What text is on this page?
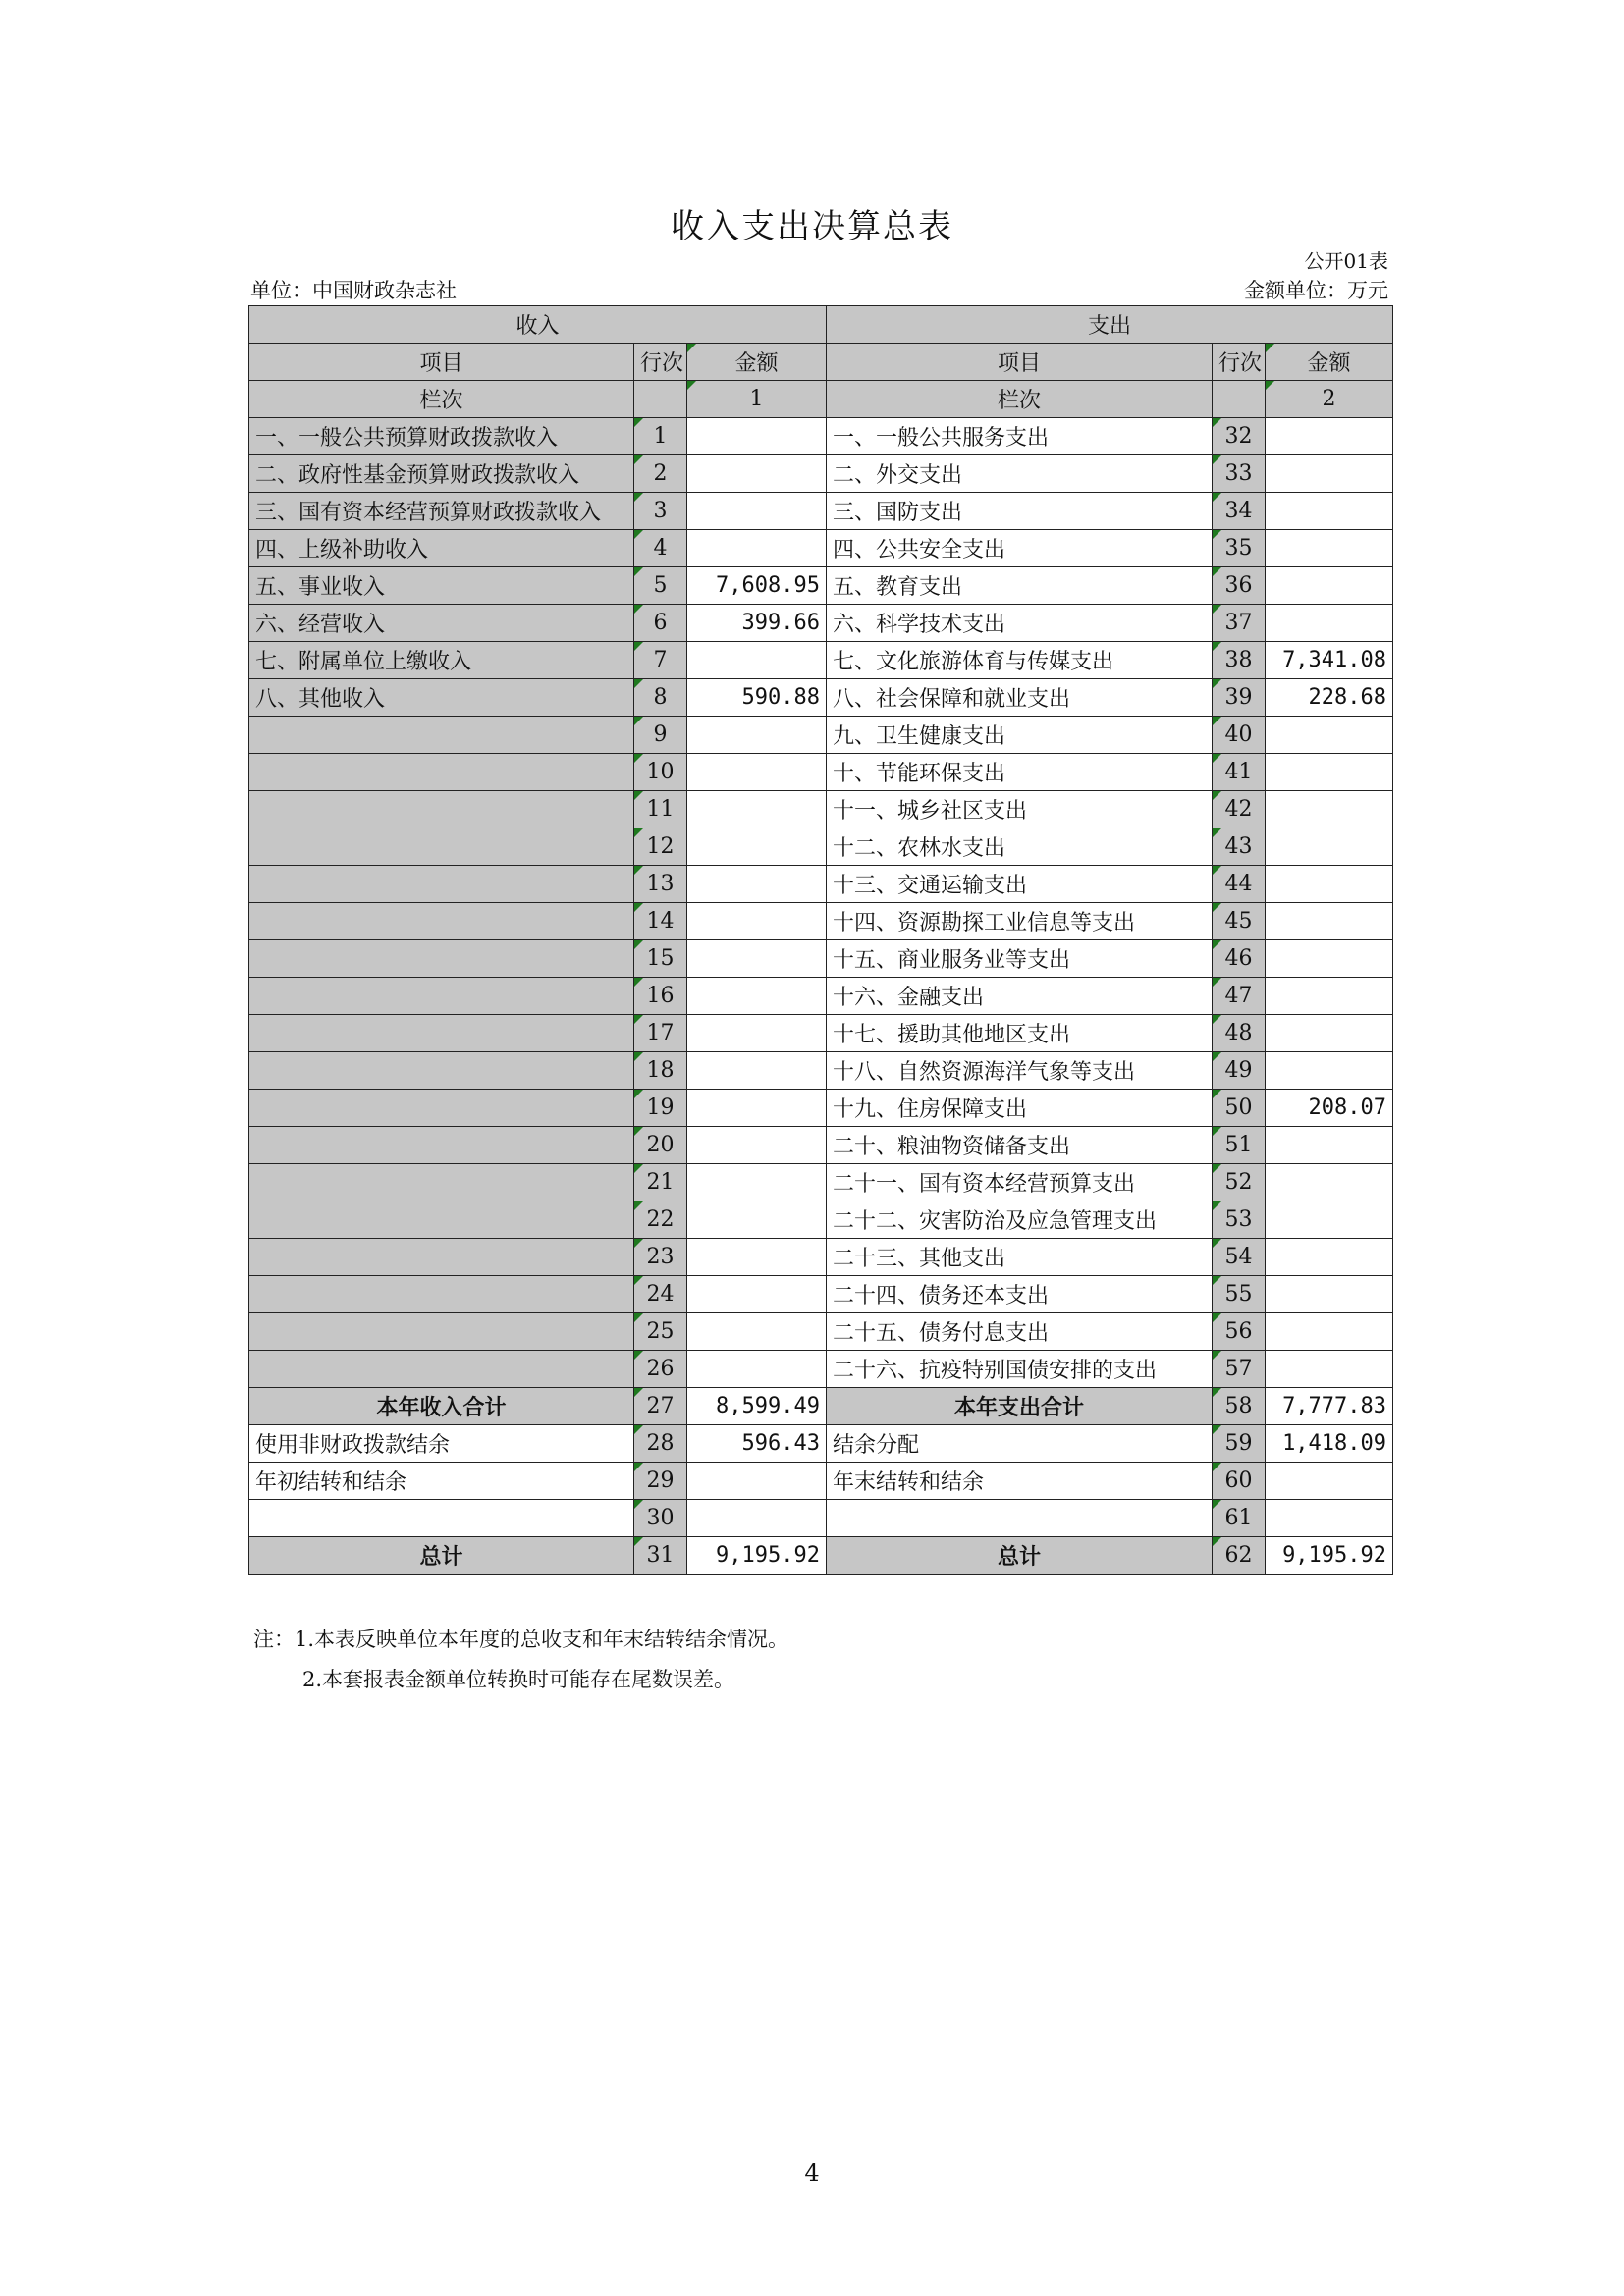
收入支出决算总表
公开01表
单位：中国财政杂志社	金额单位：万元
收入			支出		
项目	行次	金额	项目	行次	金额
栏次		1	栏次		2
一、一般公共预算财政拨款收入	1		一、一般公共服务支出	32	
二、政府性基金预算财政拨款收入	2		二、外交支出	33	
三、国有资本经营预算财政拨款收入	3		三、国防支出	34	
四、上级补助收入	4		四、公共安全支出	35	
五、事业收入	5	7,608.95	五、教育支出	36	
六、经营收入	6	399.66	六、科学技术支出	37	
七、附属单位上缴收入	7		七、文化旅游体育与传媒支出	38	7,341.08
八、其他收入	8	590.88	八、社会保障和就业支出	39	228.68
	9		九、卫生健康支出	40	
	10		十、节能环保支出	41	
	11		十一、城乡社区支出	42	
	12		十二、农林水支出	43	
	13		十三、交通运输支出	44	
	14		十四、资源勘探工业信息等支出	45	
	15		十五、商业服务业等支出	46	
	16		十六、金融支出	47	
	17		十七、援助其他地区支出	48	
	18		十八、自然资源海洋气象等支出	49	
	19		十九、住房保障支出	50	208.07
	20		二十、粮油物资储备支出	51	
	21		二十一、国有资本经营预算支出	52	
	22		二十二、灾害防治及应急管理支出	53	
	23		二十三、其他支出	54	
	24		二十四、债务还本支出	55	
	25		二十五、债务付息支出	56	
	26		二十六、抗疫特别国债安排的支出	57	
本年收入合计	27	8,599.49	本年支出合计	58	7,777.83
使用非财政拨款结余	28	596.43	结余分配	59	1,418.09
年初结转和结余	29		年末结转和结余	60	
	30			61	
总计	31	9,195.92	总计	62	9,195.92
注：1.本表反映单位本年度的总收支和年末结转结余情况。
2.本套报表金额单位转换时可能存在尾数误差。
4
